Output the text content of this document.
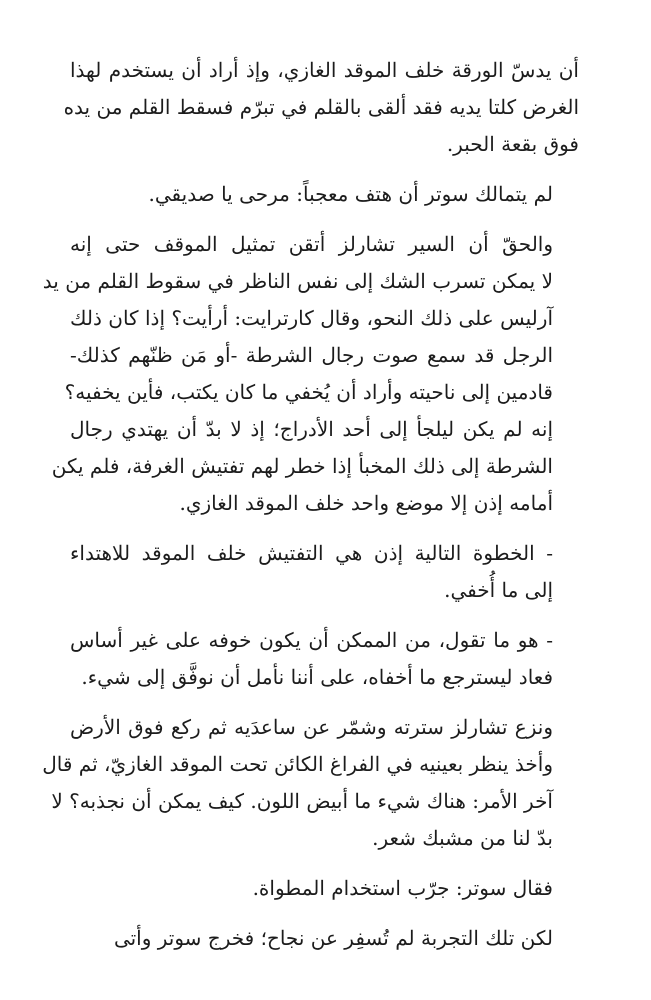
أن يدسّ الورقة خلف الموقد الغازي، وإذ أراد أن يستخدم لهذا
الغرض كلتا يديه فقد ألقى بالقلم في تبرّم فسقط القلم من يده
فوق بقعة الحبر.
لم يتمالك سوتر أن هتف معجباً: مرحى يا صديقي.
والحقّ أن السير تشارلز أتقن تمثيل الموقف حتى إنه
لا يمكن تسرب الشك إلى نفس الناظر في سقوط القلم من يد
آرليس على ذلك النحو، وقال كارترايت: أرأيت؟ إذا كان ذلك
الرجل قد سمع صوت رجال الشرطة -أو مَن ظنّهم كذلك-
قادمين إلى ناحيته وأراد أن يُخفي ما كان يكتب، فأين يخفيه؟
إنه لم يكن ليلجأ إلى أحد الأدراج؛ إذ لا بدّ أن يهتدي رجال
الشرطة إلى ذلك المخبأ إذا خطر لهم تفتيش الغرفة، فلم يكن
أمامه إذن إلا موضع واحد خلف الموقد الغازي.
- الخطوة التالية إذن هي التفتيش خلف الموقد للاهتداء
إلى ما أُخفي.
- هو ما تقول، من الممكن أن يكون خوفه على غير أساس
فعاد ليسترجع ما أخفاه، على أننا نأمل أن نوفَّق إلى شيء.
ونزع تشارلز سترته وشمّر عن ساعدَيه ثم ركع فوق الأرض
وأخذ ينظر بعينيه في الفراغ الكائن تحت الموقد الغازيّ، ثم قال
آخر الأمر: هناك شيء ما أبيض اللون. كيف يمكن أن نجذبه؟ لا
بدّ لنا من مشبك شعر.
فقال سوتر: جرّب استخدام المطواة.
لكن تلك التجربة لم تُسفِر عن نجاح؛ فخرج سوتر وأتى
